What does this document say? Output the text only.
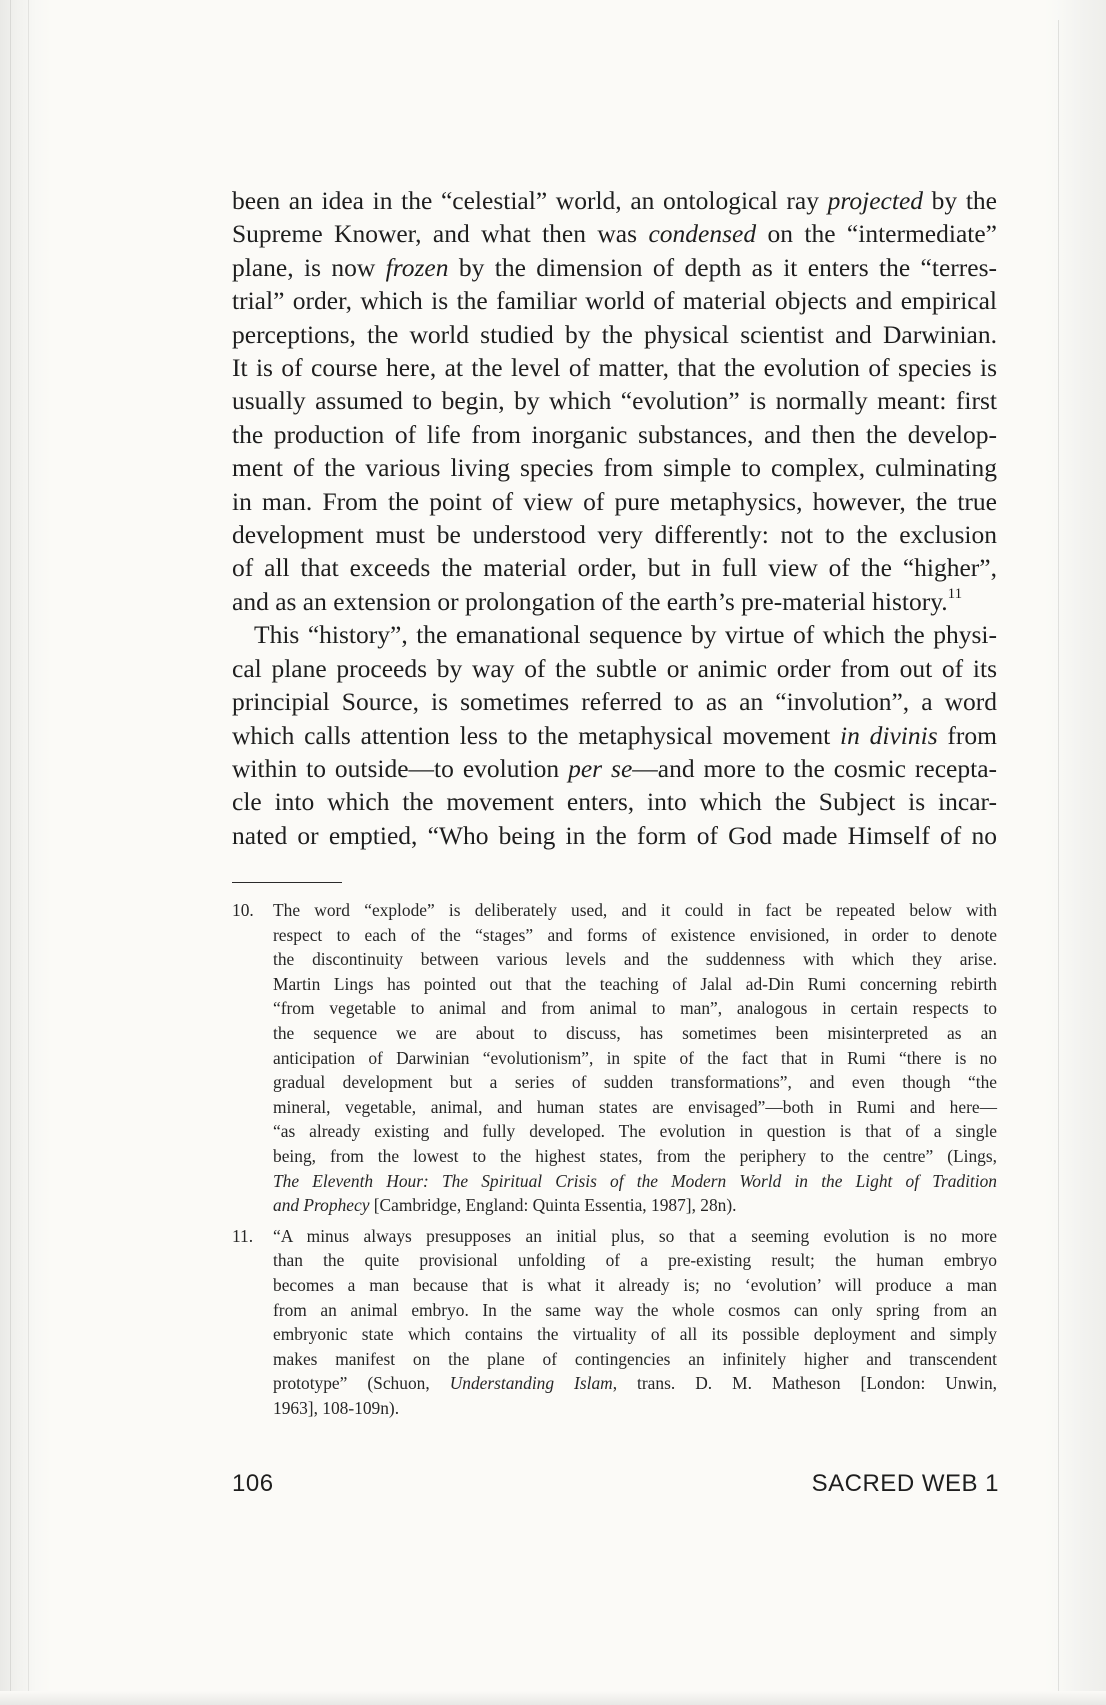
been an idea in the “celestial” world, an ontological ray projected by the
Supreme Knower, and what then was condensed on the “intermediate”
plane, is now frozen by the dimension of depth as it enters the “terres-
trial” order, which is the familiar world of material objects and empirical
perceptions, the world studied by the physical scientist and Darwinian.
It is of course here, at the level of matter, that the evolution of species is
usually assumed to begin, by which “evolution” is normally meant: first
the production of life from inorganic substances, and then the develop-
ment of the various living species from simple to complex, culminating
in man. From the point of view of pure metaphysics, however, the true
development must be understood very differently: not to the exclusion
of all that exceeds the material order, but in full view of the “higher”,
and as an extension or prolongation of the earth’s pre-material history.$^{11}$
This “history”, the emanational sequence by virtue of which the physi-
cal plane proceeds by way of the subtle or animic order from out of its
principial Source, is sometimes referred to as an “involution”, a word
which calls attention less to the metaphysical movement in divinis from
within to outside—to evolution per se—and more to the cosmic recepta-
cle into which the movement enters, into which the Subject is incar-
nated or emptied, “Who being in the form of God made Himself of no
10. The word “explode” is deliberately used, and it could in fact be repeated below with
respect to each of the “stages” and forms of existence envisioned, in order to denote
the discontinuity between various levels and the suddenness with which they arise.
Martin Lings has pointed out that the teaching of Jalal ad-Din Rumi concerning rebirth
“from vegetable to animal and from animal to man”, analogous in certain respects to
the sequence we are about to discuss, has sometimes been misinterpreted as an
anticipation of Darwinian “evolutionism”, in spite of the fact that in Rumi “there is no
gradual development but a series of sudden transformations”, and even though “the
mineral, vegetable, animal, and human states are envisaged”—both in Rumi and here—
“as already existing and fully developed. The evolution in question is that of a single
being, from the lowest to the highest states, from the periphery to the centre” (Lings,
The Eleventh Hour: The Spiritual Crisis of the Modern World in the Light of Tradition
and Prophecy [Cambridge, England: Quinta Essentia, 1987], 28n).
11. “A minus always presupposes an initial plus, so that a seeming evolution is no more
than the quite provisional unfolding of a pre-existing result; the human embryo
becomes a man because that is what it already is; no ‘evolution’ will produce a man
from an animal embryo. In the same way the whole cosmos can only spring from an
embryonic state which contains the virtuality of all its possible deployment and simply
makes manifest on the plane of contingencies an infinitely higher and transcendent
prototype” (Schuon, Understanding Islam, trans. D. M. Matheson [London: Unwin,
1963], 108-109n).
106	SACRED WEB 1
